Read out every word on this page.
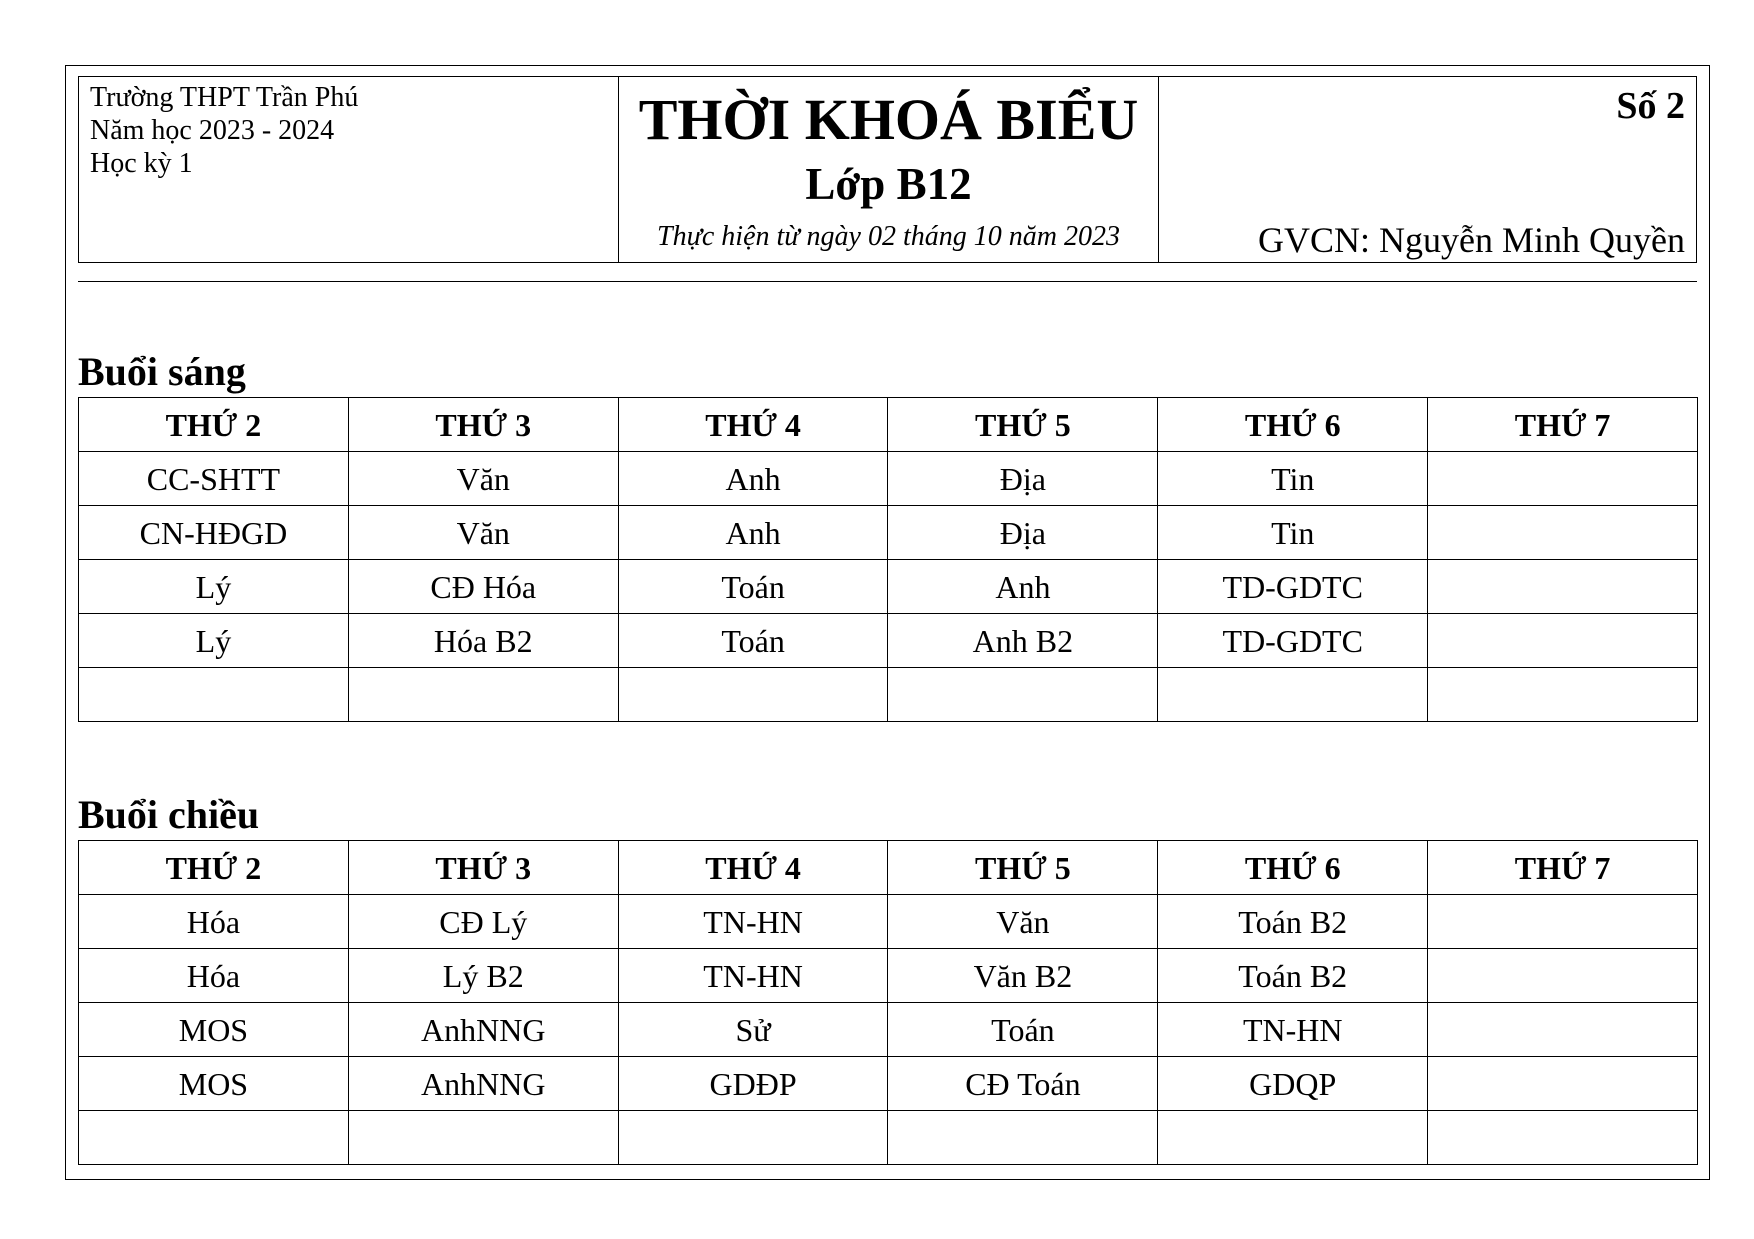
Trường THPT Trần Phú
Năm học 2023 - 2024
Học kỳ 1
THỜI KHOÁ BIỂU
Lớp B12
Thực hiện từ ngày 02 tháng 10 năm 2023
Số 2
GVCN: Nguyễn Minh Quyền
Buổi sáng
THỨ 2	THỨ 3	THỨ 4	THỨ 5	THỨ 6	THỨ 7
CC-SHTT	Văn	Anh	Địa	Tin	
CN-HĐGD	Văn	Anh	Địa	Tin	
Lý	CĐ Hóa	Toán	Anh	TD-GDTC	
Lý	Hóa B2	Toán	Anh B2	TD-GDTC	

Buổi chiều
THỨ 2	THỨ 3	THỨ 4	THỨ 5	THỨ 6	THỨ 7
Hóa	CĐ Lý	TN-HN	Văn	Toán B2	
Hóa	Lý B2	TN-HN	Văn B2	Toán B2	
MOS	AnhNNG	Sử	Toán	TN-HN	
MOS	AnhNNG	GDĐP	CĐ Toán	GDQP	
